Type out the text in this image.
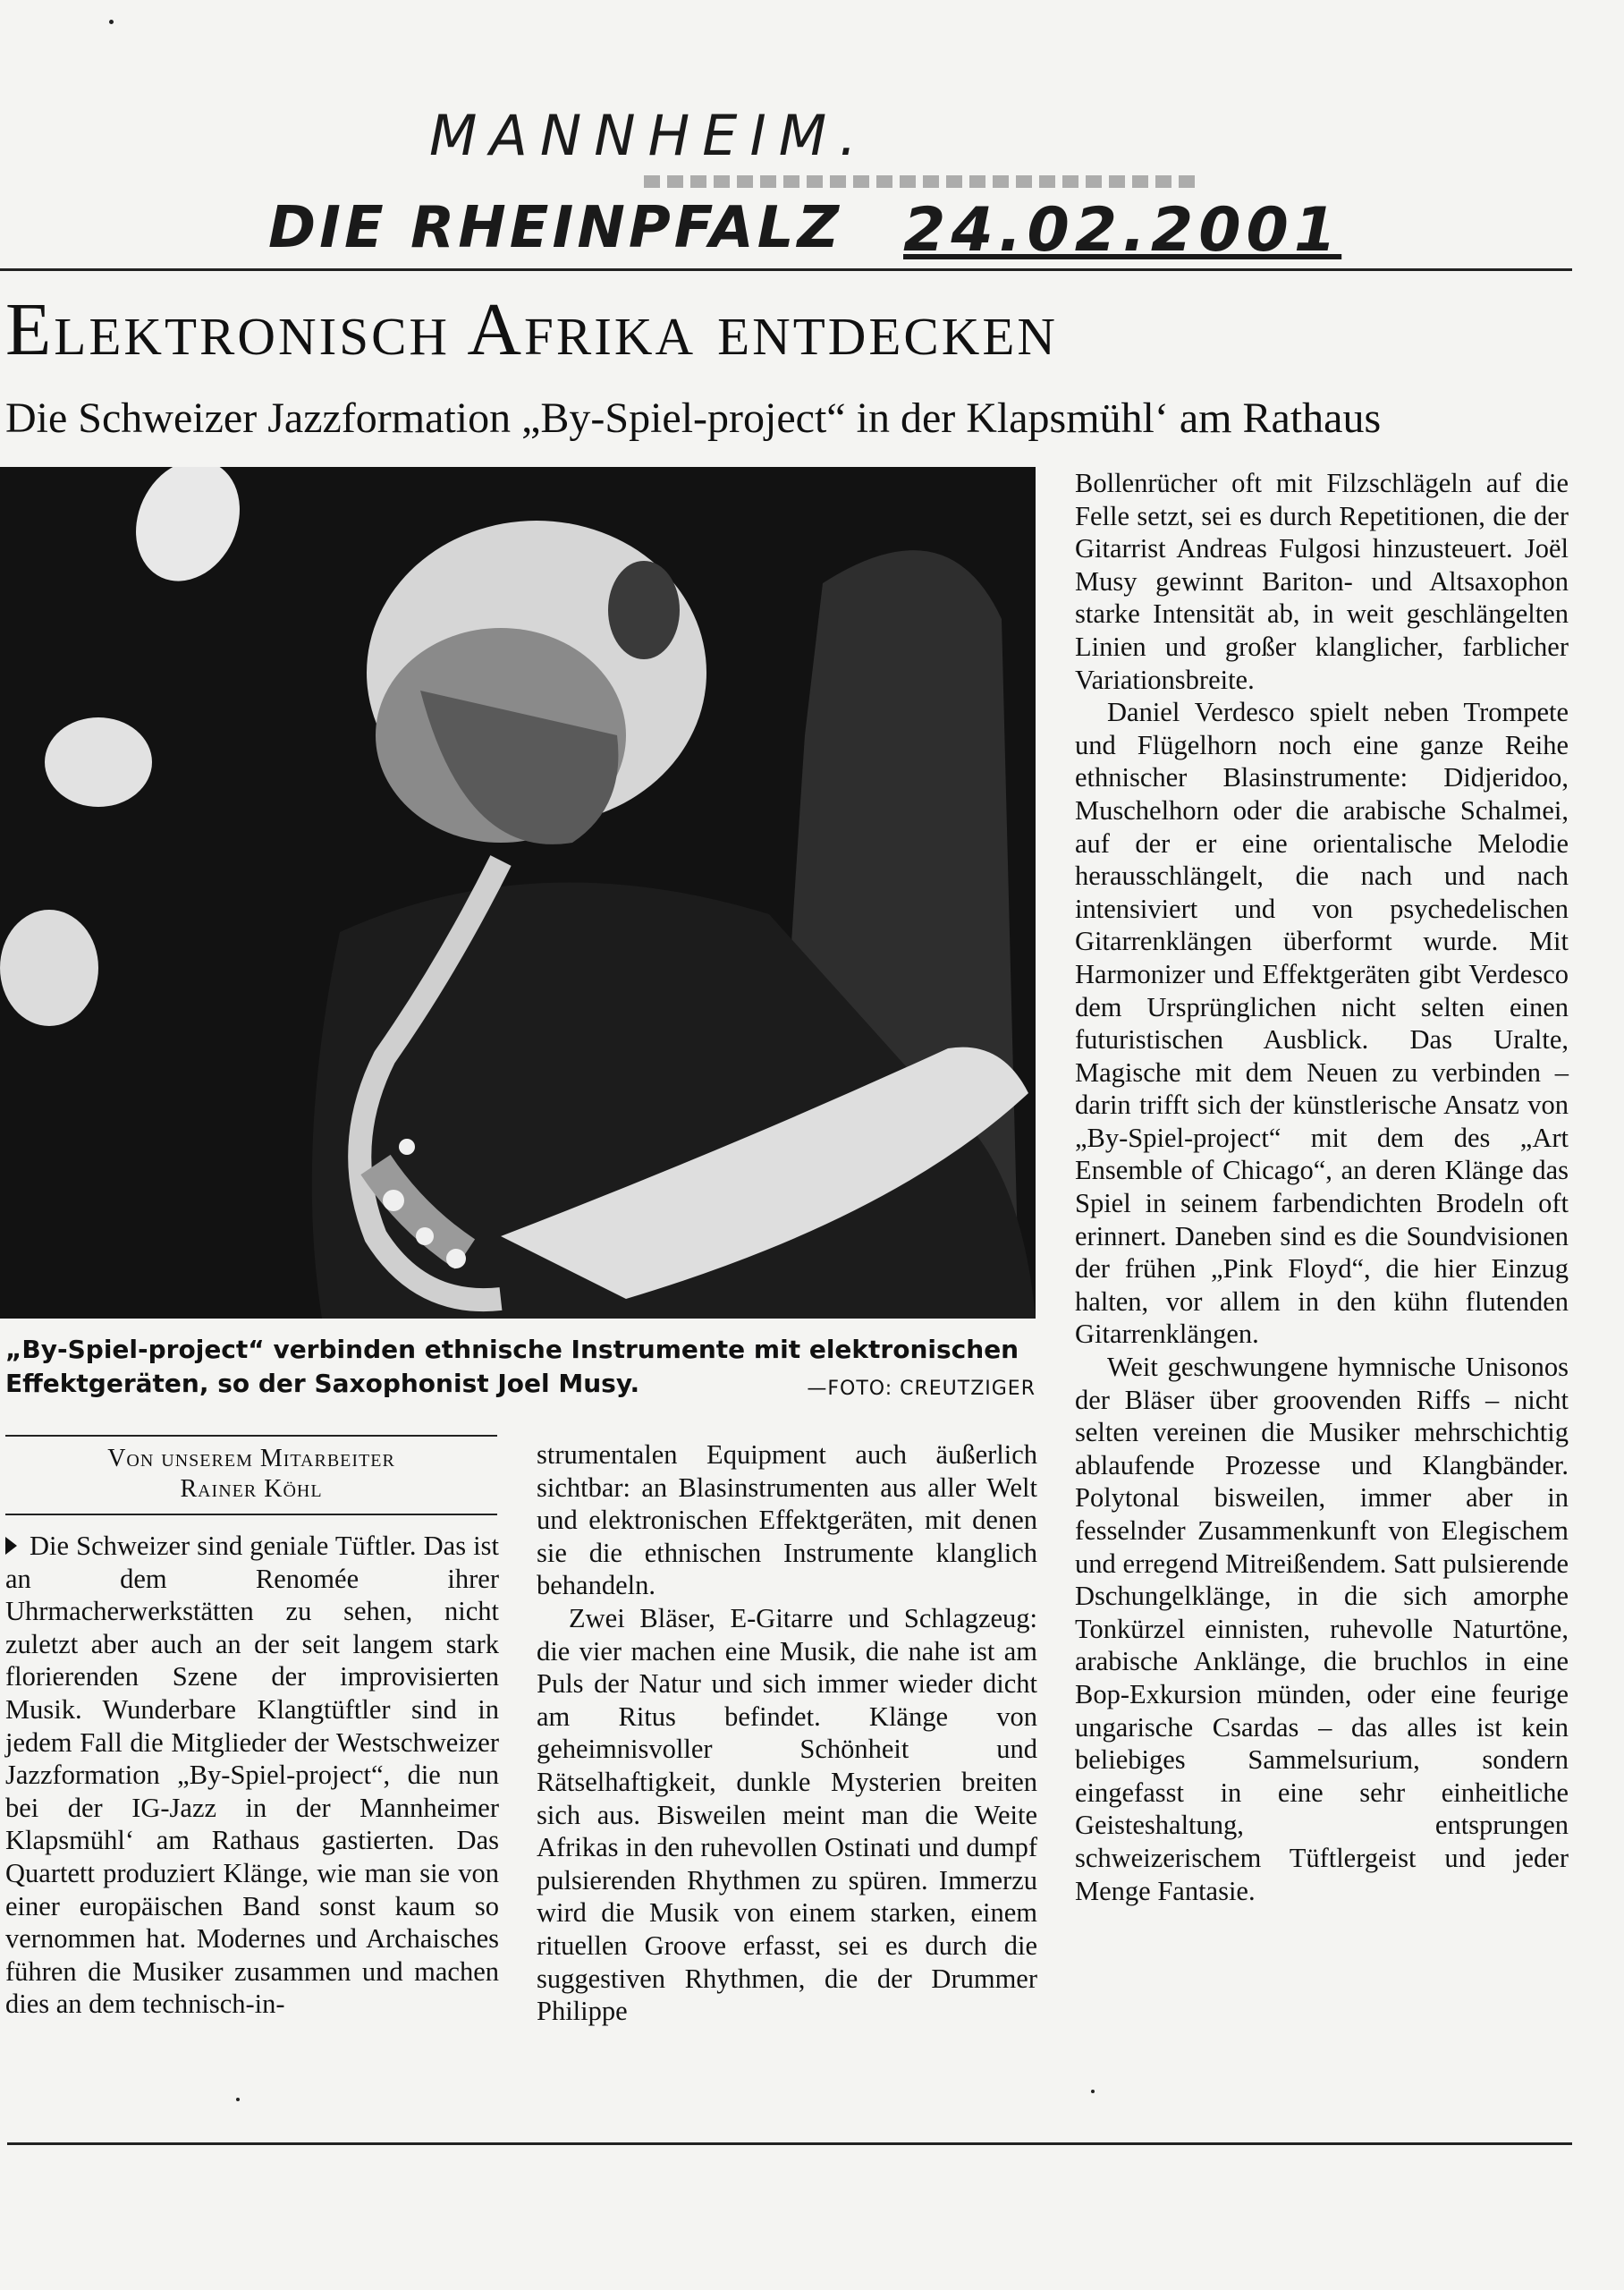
MANNHEIM.
DIE RHEINPFALZ 24.02.2001
Elektronisch Afrika entdecken
Die Schweizer Jazzformation „By-Spiel-project“ in der Klapsmühl‘ am Rathaus

„By-Spiel-project“ verbinden ethnische Instrumente mit elektronischen Effektgeräten, so der Saxophonist Joel Musy.	—FOTO: CREUTZIGER
Von unserem Mitarbeiter
Rainer Köhl

Die Schweizer sind geniale Tüftler. Das ist an dem Renomée ihrer Uhrmacherwerkstätten zu sehen, nicht zuletzt aber auch an der seit langem stark florierenden Szene der improvisierten Musik. Wunderbare Klangtüftler sind in jedem Fall die Mitglieder der Westschweizer Jazzformation „By-Spiel-project“, die nun bei der IG-Jazz in der Mannheimer Klapsmühl‘ am Rathaus gastierten. Das Quartett produziert Klänge, wie man sie von einer europäischen Band sonst kaum so vernommen hat. Modernes und Archaisches führen die Musiker zusammen und machen dies an dem technisch-in-

strumentalen Equipment auch äußerlich sichtbar: an Blasinstrumenten aus aller Welt und elektronischen Effektgeräten, mit denen sie die ethnischen Instrumente klanglich behandeln.

Zwei Bläser, E-Gitarre und Schlagzeug: die vier machen eine Musik, die nahe ist am Puls der Natur und sich immer wieder dicht am Ritus befindet. Klänge von geheimnisvoller Schönheit und Rätselhaftigkeit, dunkle Mysterien breiten sich aus. Bisweilen meint man die Weite Afrikas in den ruhevollen Ostinati und dumpf pulsierenden Rhythmen zu spüren. Immerzu wird die Musik von einem starken, einem rituellen Groove erfasst, sei es durch die suggestiven Rhythmen, die der Drummer Philippe

Bollenrücher oft mit Filzschlägeln auf die Felle setzt, sei es durch Repetitionen, die der Gitarrist Andreas Fulgosi hinzusteuert. Joël Musy gewinnt Bariton- und Altsaxophon starke Intensität ab, in weit geschlängelten Linien und großer klanglicher, farblicher Variationsbreite.

Daniel Verdesco spielt neben Trompete und Flügelhorn noch eine ganze Reihe ethnischer Blasinstrumente: Didjeridoo, Muschelhorn oder die arabische Schalmei, auf der er eine orientalische Melodie herausschlängelt, die nach und nach intensiviert und von psychedelischen Gitarrenklängen überformt wurde. Mit Harmonizer und Effektgeräten gibt Verdesco dem Ursprünglichen nicht selten einen futuristischen Ausblick. Das Uralte, Magische mit dem Neuen zu verbinden – darin trifft sich der künstlerische Ansatz von „By-Spiel-project“ mit dem des „Art Ensemble of Chicago“, an deren Klänge das Spiel in seinem farbendichten Brodeln oft erinnert. Daneben sind es die Soundvisionen der frühen „Pink Floyd“, die hier Einzug halten, vor allem in den kühn flutenden Gitarrenklängen.

Weit geschwungene hymnische Unisonos der Bläser über groovenden Riffs – nicht selten vereinen die Musiker mehrschichtig ablaufende Prozesse und Klangbänder. Polytonal bisweilen, immer aber in fesselnder Zusammenkunft von Elegischem und erregend Mitreißendem. Satt pulsierende Dschungelklänge, in die sich amorphe Tonkürzel einnisten, ruhevolle Naturtöne, arabische Anklänge, die bruchlos in eine Bop-Exkursion münden, oder eine feurige ungarische Csardas – das alles ist kein beliebiges Sammelsurium, sondern eingefasst in eine sehr einheitliche Geisteshaltung, entsprungen schweizerischem Tüftlergeist und jeder Menge Fantasie.
